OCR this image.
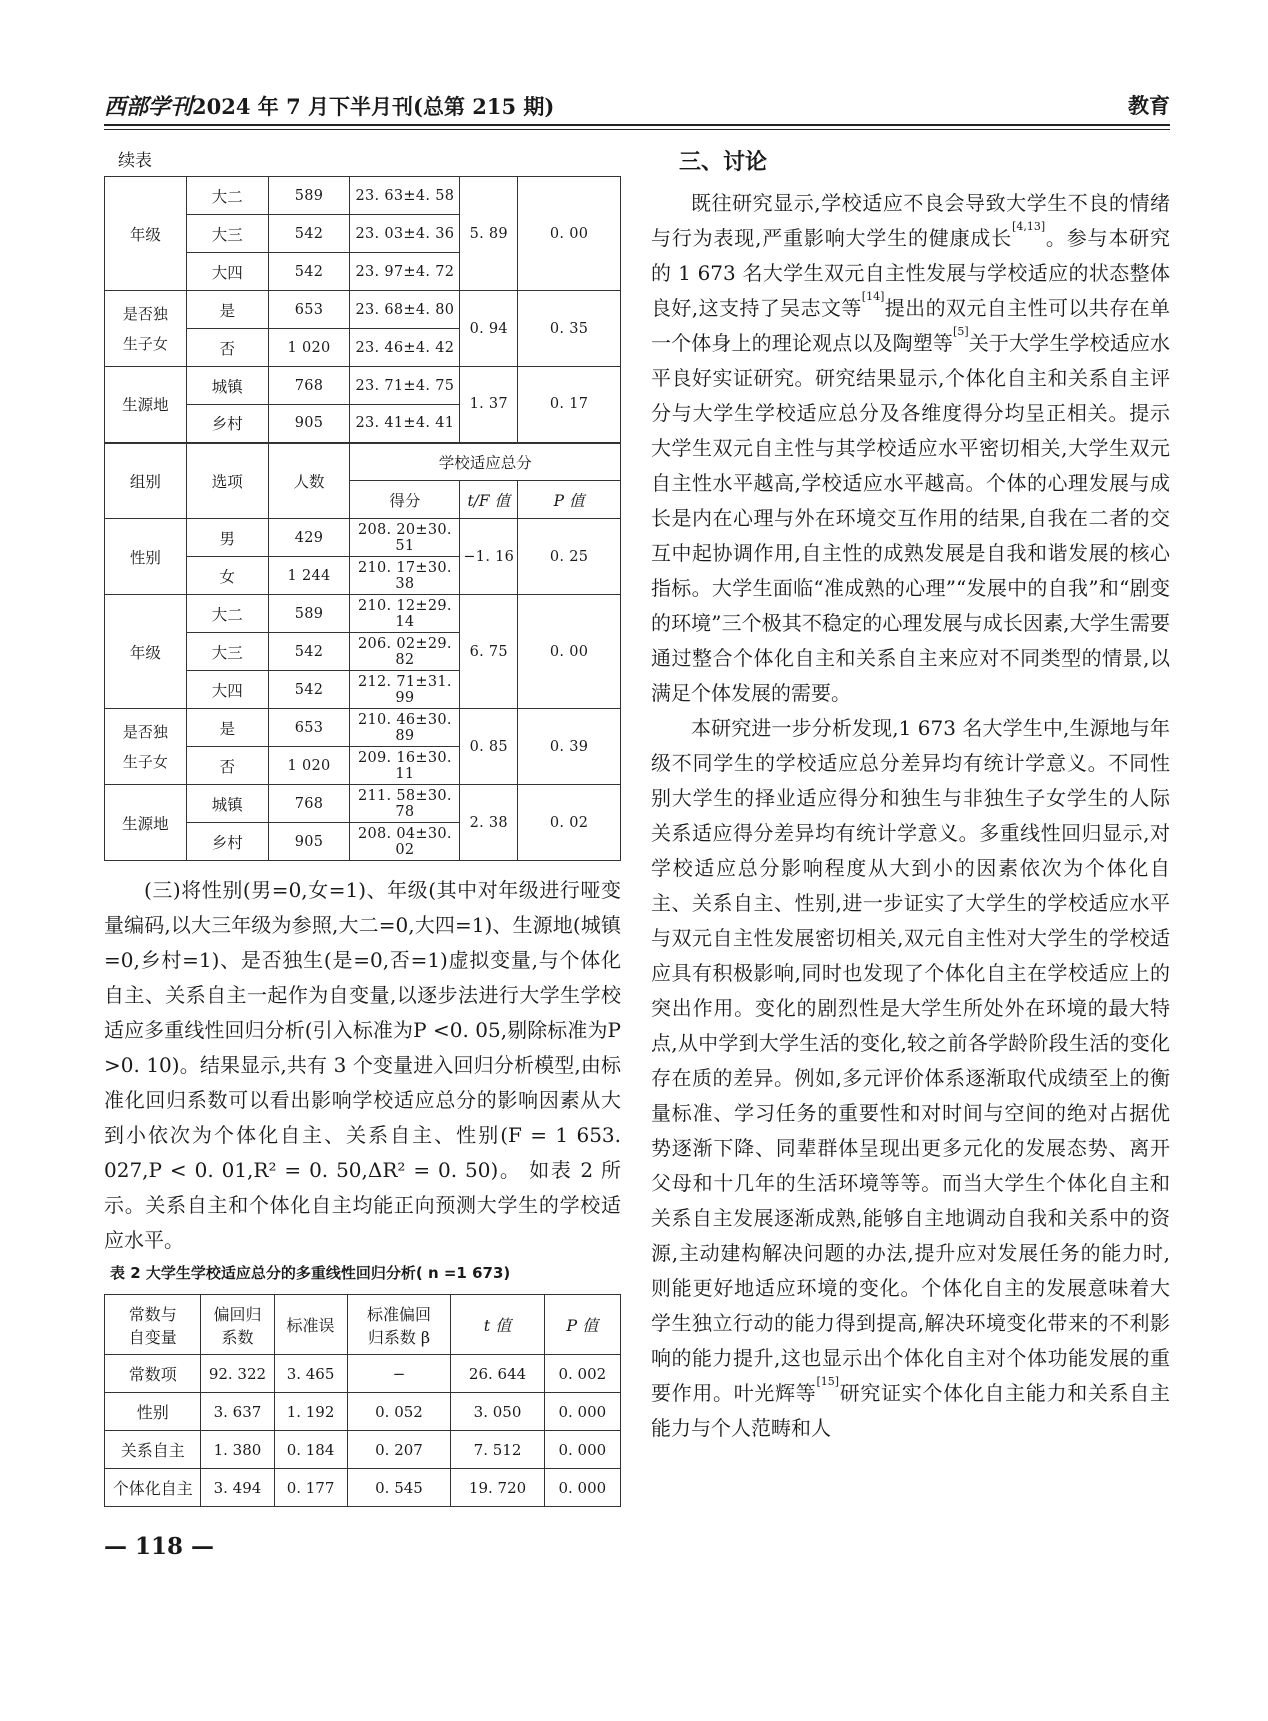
西部学刊2024 年 7 月下半月刊(总第 215 期)	教育
续表
年级	大二	589	23. 63±4. 58	5. 89	0. 00
	大三	542	23. 03±4. 36		
	大四	542	23. 97±4. 72		
是否独
生子女	是	653	23. 68±4. 80	0. 94	0. 35
	否	1 020	23. 46±4. 42		
生源地	城镇	768	23. 71±4. 75	1. 37	0. 17
	乡村	905	23. 41±4. 41		
组别	选项	人数	学校适应总分		
			得分	t/F 值	P 值
性别	男	429	208. 20±30. 51	−1. 16	0. 25
	女	1 244	210. 17±30. 38		
年级	大二	589	210. 12±29. 14	6. 75	0. 00
	大三	542	206. 02±29. 82		
	大四	542	212. 71±31. 99		
是否独
生子女	是	653	210. 46±30. 89	0. 85	0. 39
	否	1 020	209. 16±30. 11		
生源地	城镇	768	211. 58±30. 78	2. 38	0. 02
	乡村	905	208. 04±30. 02		

(三)将性别(男=0,女=1)、年级(其中对年级进行哑变量编码,以大三年级为参照,大二=0,大四=1)、生源地(城镇=0,乡村=1)、是否独生(是=0,否=1)虚拟变量,与个体化自主、关系自主一起作为自变量,以逐步法进行大学生学校适应多重线性回归分析(引入标准为P <0. 05,剔除标准为P >0. 10)。结果显示,共有 3 个变量进入回归分析模型,由标准化回归系数可以看出影响学校适应总分的影响因素从大到小依次为个体化自主、关系自主、性别(F = 1 653. 027,P < 0. 01,R² = 0. 50,ΔR² = 0. 50)。 如表 2 所示。关系自主和个体化自主均能正向预测大学生的学校适应水平。

表 2 大学生学校适应总分的多重线性回归分析( n =1 673)
常数与
自变量	偏回归
系数	标准误	标准偏回
归系数 β	t 值	P 值
常数项	92. 322	3. 465	−	26. 644	0. 002
性别	3. 637	1. 192	0. 052	3. 050	0. 000
关系自主	1. 380	0. 184	0. 207	7. 512	0. 000
个体化自主	3. 494	0. 177	0. 545	19. 720	0. 000
— 118 —
三、讨论

既往研究显示,学校适应不良会导致大学生不良的情绪与行为表现,严重影响大学生的健康成长[4,13]。参与本研究的 1 673 名大学生双元自主性发展与学校适应的状态整体良好,这支持了吴志文等[14]提出的双元自主性可以共存在单一个体身上的理论观点以及陶塑等[5]关于大学生学校适应水平良好实证研究。研究结果显示,个体化自主和关系自主评分与大学生学校适应总分及各维度得分均呈正相关。提示大学生双元自主性与其学校适应水平密切相关,大学生双元自主性水平越高,学校适应水平越高。个体的心理发展与成长是内在心理与外在环境交互作用的结果,自我在二者的交互中起协调作用,自主性的成熟发展是自我和谐发展的核心指标。大学生面临“准成熟的心理”“发展中的自我”和“剧变的环境”三个极其不稳定的心理发展与成长因素,大学生需要通过整合个体化自主和关系自主来应对不同类型的情景,以满足个体发展的需要。

本研究进一步分析发现,1 673 名大学生中,生源地与年级不同学生的学校适应总分差异均有统计学意义。不同性别大学生的择业适应得分和独生与非独生子女学生的人际关系适应得分差异均有统计学意义。多重线性回归显示,对学校适应总分影响程度从大到小的因素依次为个体化自主、关系自主、性别,进一步证实了大学生的学校适应水平与双元自主性发展密切相关,双元自主性对大学生的学校适应具有积极影响,同时也发现了个体化自主在学校适应上的突出作用。变化的剧烈性是大学生所处外在环境的最大特点,从中学到大学生活的变化,较之前各学龄阶段生活的变化存在质的差异。例如,多元评价体系逐渐取代成绩至上的衡量标准、学习任务的重要性和对时间与空间的绝对占据优势逐渐下降、同辈群体呈现出更多元化的发展态势、离开父母和十几年的生活环境等等。而当大学生个体化自主和关系自主发展逐渐成熟,能够自主地调动自我和关系中的资源,主动建构解决问题的办法,提升应对发展任务的能力时,则能更好地适应环境的变化。个体化自主的发展意味着大学生独立行动的能力得到提高,解决环境变化带来的不利影响的能力提升,这也显示出个体化自主对个体功能发展的重要作用。叶光辉等[15]研究证实个体化自主能力和关系自主能力与个人范畴和人
